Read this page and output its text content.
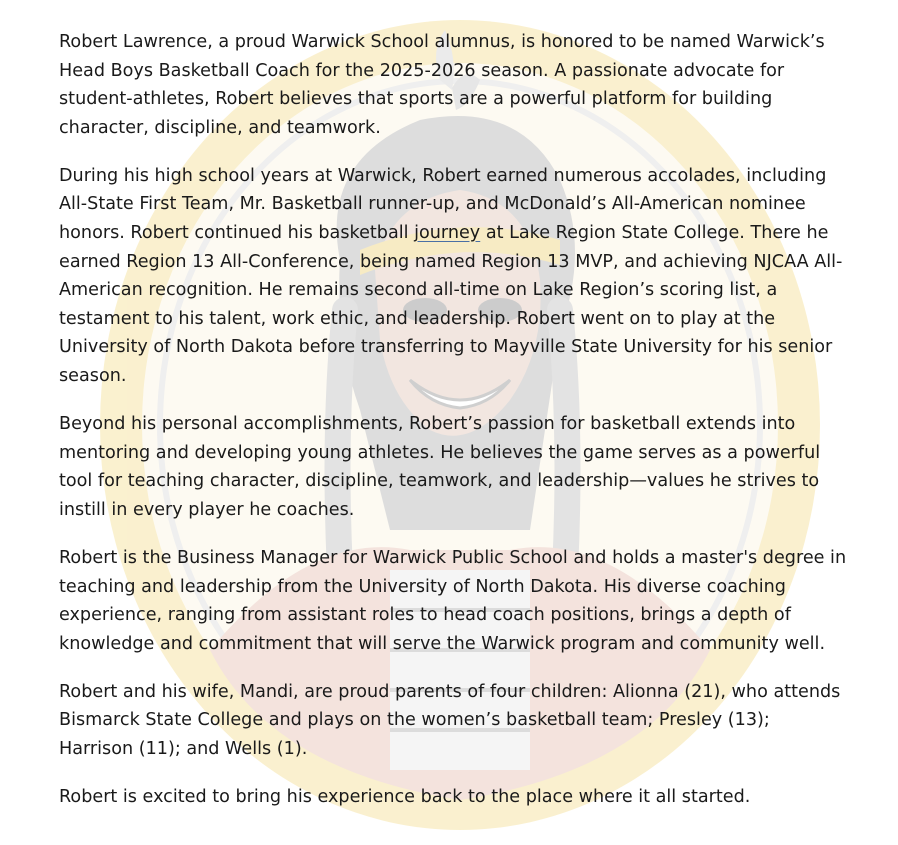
Robert Lawrence, a proud Warwick School alumnus, is honored to be named Warwick’s Head Boys Basketball Coach for the 2025-2026 season. A passionate advocate for student-athletes, Robert believes that sports are a powerful platform for building character, discipline, and teamwork.

During his high school years at Warwick, Robert earned numerous accolades, including All-State First Team, Mr. Basketball runner-up, and McDonald’s All-American nominee honors. Robert continued his basketball journey at Lake Region State College. There he earned Region 13 All-Conference, being named Region 13 MVP, and achieving NJCAA All-American recognition. He remains second all-time on Lake Region’s scoring list, a testament to his talent, work ethic, and leadership. Robert went on to play at the University of North Dakota before transferring to Mayville State University for his senior season.

Beyond his personal accomplishments, Robert’s passion for basketball extends into mentoring and developing young athletes. He believes the game serves as a powerful tool for teaching character, discipline, teamwork, and leadership—values he strives to instill in every player he coaches.

Robert is the Business Manager for Warwick Public School and holds a master's degree in teaching and leadership from the University of North Dakota. His diverse coaching experience, ranging from assistant roles to head coach positions, brings a depth of knowledge and commitment that will serve the Warwick program and community well.

Robert and his wife, Mandi, are proud parents of four children: Alionna (21), who attends Bismarck State College and plays on the women’s basketball team; Presley (13); Harrison (11); and Wells (1).

Robert is excited to bring his experience back to the place where it all started.
